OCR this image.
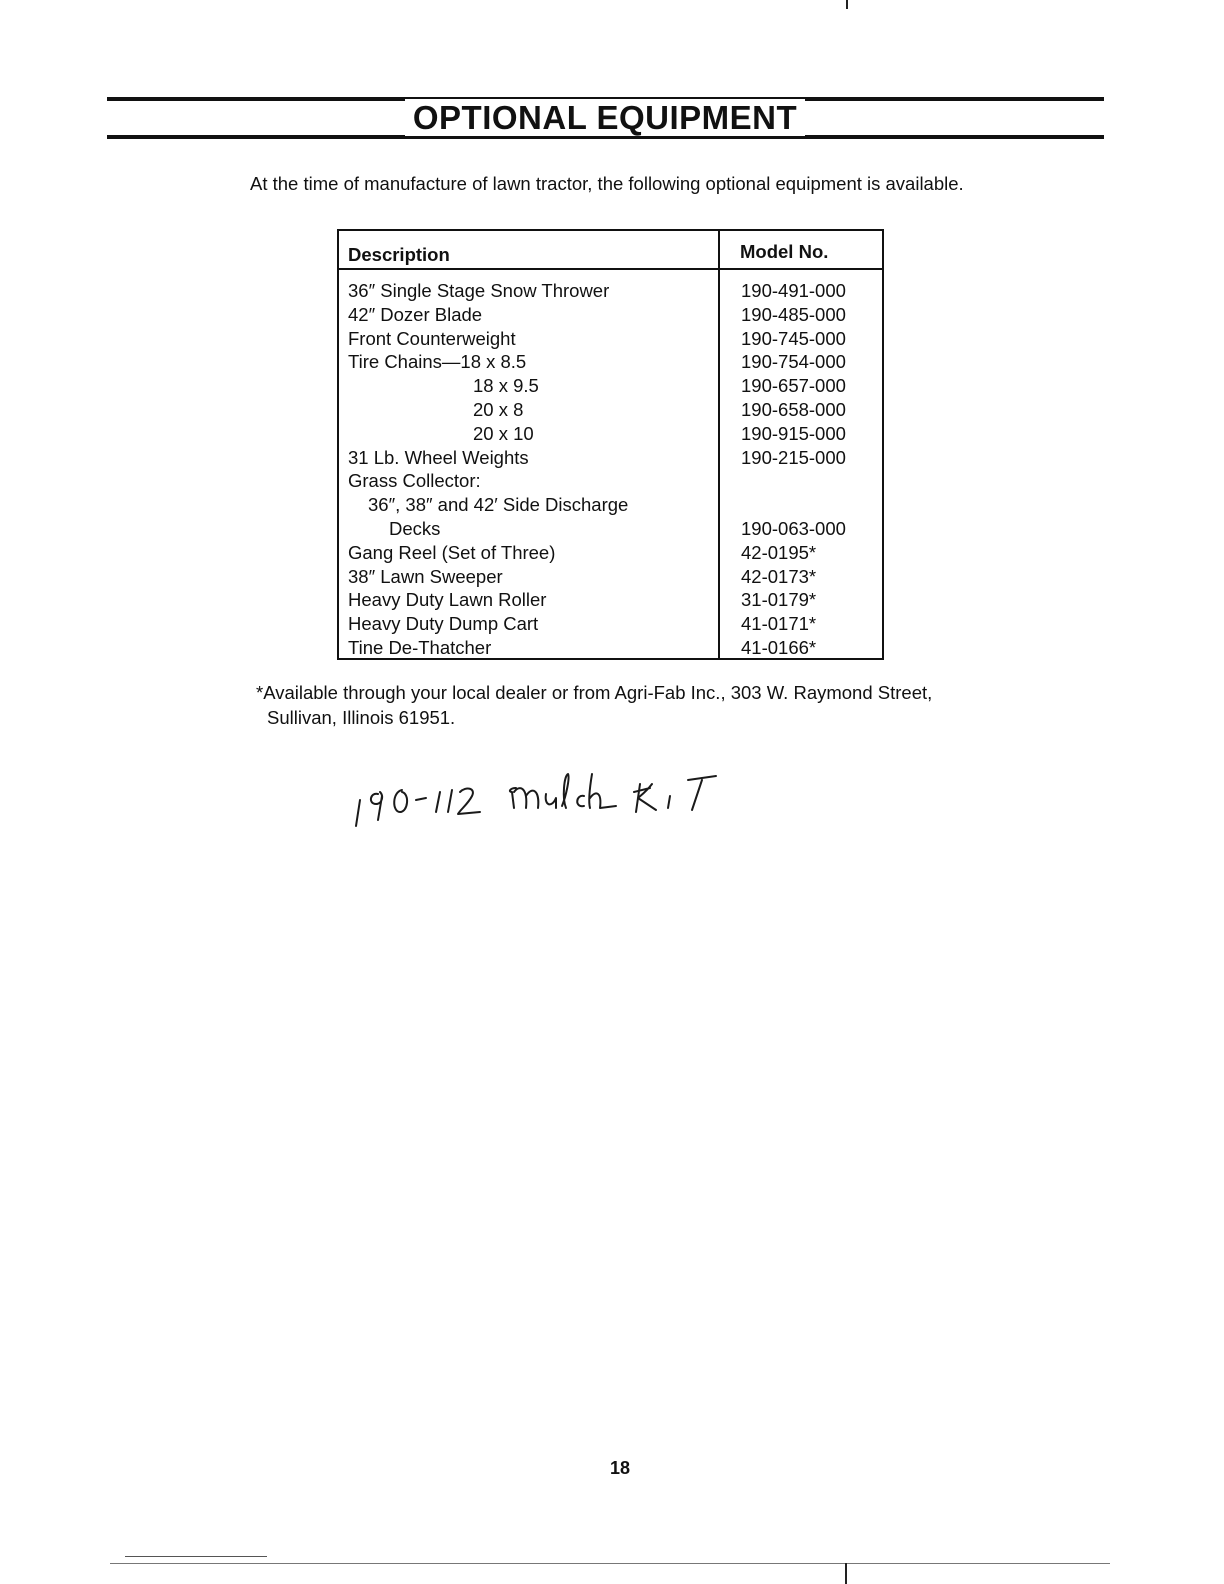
OPTIONAL EQUIPMENT
At the time of manufacture of lawn tractor, the following optional equipment is available.
Description	Model No.
36″ Single Stage Snow Thrower	190-491-000
42″ Dozer Blade	190-485-000
Front Counterweight	190-745-000
Tire Chains—18 x 8.5	190-754-000
18 x 9.5	190-657-000
20 x 8	190-658-000
20 x 10	190-915-000
31 Lb. Wheel Weights	190-215-000
Grass Collector:
36″, 38″ and 42′ Side Discharge
Decks	190-063-000
Gang Reel (Set of Three)	42-0195*
38″ Lawn Sweeper	42-0173*
Heavy Duty Lawn Roller	31-0179*
Heavy Duty Dump Cart	41-0171*
Tine De-Thatcher	41-0166*
*Available through your local dealer or from Agri-Fab Inc., 303 W. Raymond Street,
Sullivan, Illinois 61951.
18
